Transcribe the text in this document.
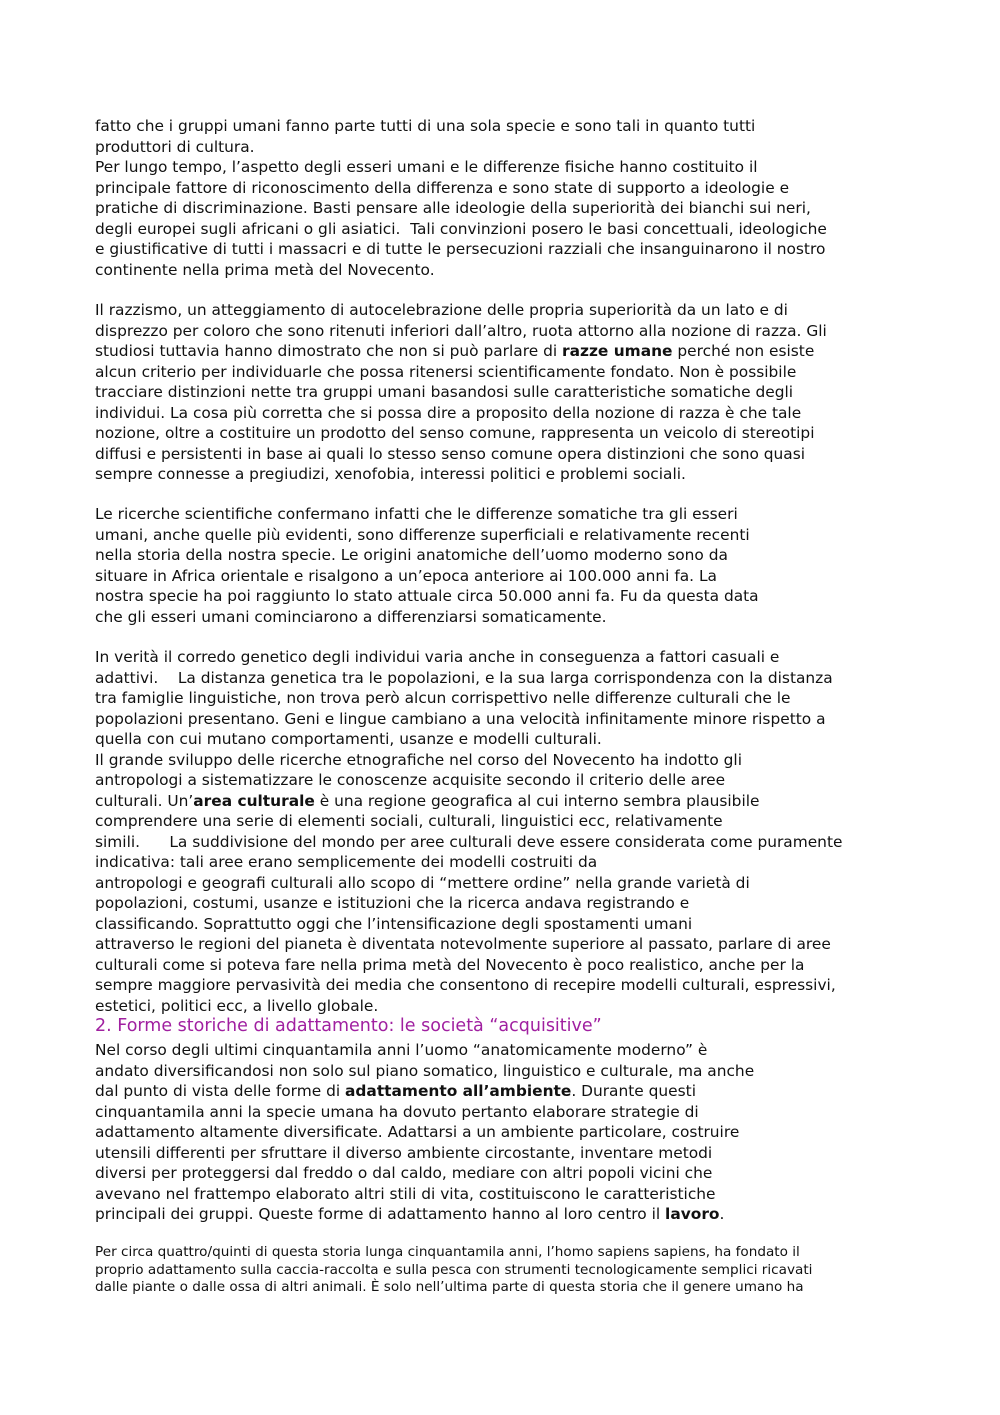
fatto che i gruppi umani fanno parte tutti di una sola specie e sono tali in quanto tutti
produttori di cultura.
Per lungo tempo, l’aspetto degli esseri umani e le differenze fisiche hanno costituito il
principale fattore di riconoscimento della differenza e sono state di supporto a ideologie e
pratiche di discriminazione. Basti pensare alle ideologie della superiorità dei bianchi sui neri,
degli europei sugli africani o gli asiatici.  Tali convinzioni posero le basi concettuali, ideologiche
e giustificative di tutti i massacri e di tutte le persecuzioni razziali che insanguinarono il nostro
continente nella prima metà del Novecento.
Il razzismo, un atteggiamento di autocelebrazione delle propria superiorità da un lato e di
disprezzo per coloro che sono ritenuti inferiori dall’altro, ruota attorno alla nozione di razza. Gli
studiosi tuttavia hanno dimostrato che non si può parlare di razze umane perché non esiste
alcun criterio per individuarle che possa ritenersi scientificamente fondato. Non è possibile
tracciare distinzioni nette tra gruppi umani basandosi sulle caratteristiche somatiche degli
individui. La cosa più corretta che si possa dire a proposito della nozione di razza è che tale
nozione, oltre a costituire un prodotto del senso comune, rappresenta un veicolo di stereotipi
diffusi e persistenti in base ai quali lo stesso senso comune opera distinzioni che sono quasi
sempre connesse a pregiudizi, xenofobia, interessi politici e problemi sociali.
Le ricerche scientifiche confermano infatti che le differenze somatiche tra gli esseri
umani, anche quelle più evidenti, sono differenze superficiali e relativamente recenti
nella storia della nostra specie. Le origini anatomiche dell’uomo moderno sono da
situare in Africa orientale e risalgono a un’epoca anteriore ai 100.000 anni fa. La
nostra specie ha poi raggiunto lo stato attuale circa 50.000 anni fa. Fu da questa data
che gli esseri umani cominciarono a differenziarsi somaticamente.
In verità il corredo genetico degli individui varia anche in conseguenza a fattori casuali e
adattivi.    La distanza genetica tra le popolazioni, e la sua larga corrispondenza con la distanza
tra famiglie linguistiche, non trova però alcun corrispettivo nelle differenze culturali che le
popolazioni presentano. Geni e lingue cambiano a una velocità infinitamente minore rispetto a
quella con cui mutano comportamenti, usanze e modelli culturali.
Il grande sviluppo delle ricerche etnografiche nel corso del Novecento ha indotto gli
antropologi a sistematizzare le conoscenze acquisite secondo il criterio delle aree
culturali. Un’area culturale è una regione geografica al cui interno sembra plausibile
comprendere una serie di elementi sociali, culturali, linguistici ecc, relativamente
simili.      La suddivisione del mondo per aree culturali deve essere considerata come puramente
indicativa: tali aree erano semplicemente dei modelli costruiti da
antropologi e geografi culturali allo scopo di “mettere ordine” nella grande varietà di
popolazioni, costumi, usanze e istituzioni che la ricerca andava registrando e
classificando. Soprattutto oggi che l’intensificazione degli spostamenti umani
attraverso le regioni del pianeta è diventata notevolmente superiore al passato, parlare di aree
culturali come si poteva fare nella prima metà del Novecento è poco realistico, anche per la
sempre maggiore pervasività dei media che consentono di recepire modelli culturali, espressivi,
estetici, politici ecc, a livello globale.
2. Forme storiche di adattamento: le società “acquisitive”
Nel corso degli ultimi cinquantamila anni l’uomo “anatomicamente moderno” è
andato diversificandosi non solo sul piano somatico, linguistico e culturale, ma anche
dal punto di vista delle forme di adattamento all’ambiente. Durante questi
cinquantamila anni la specie umana ha dovuto pertanto elaborare strategie di
adattamento altamente diversificate. Adattarsi a un ambiente particolare, costruire
utensili differenti per sfruttare il diverso ambiente circostante, inventare metodi
diversi per proteggersi dal freddo o dal caldo, mediare con altri popoli vicini che
avevano nel frattempo elaborato altri stili di vita, costituiscono le caratteristiche
principali dei gruppi. Queste forme di adattamento hanno al loro centro il lavoro.
Per circa quattro/quinti di questa storia lunga cinquantamila anni, l’homo sapiens sapiens, ha fondato il
proprio adattamento sulla caccia-raccolta e sulla pesca con strumenti tecnologicamente semplici ricavati
dalle piante o dalle ossa di altri animali. È solo nell’ultima parte di questa storia che il genere umano ha
